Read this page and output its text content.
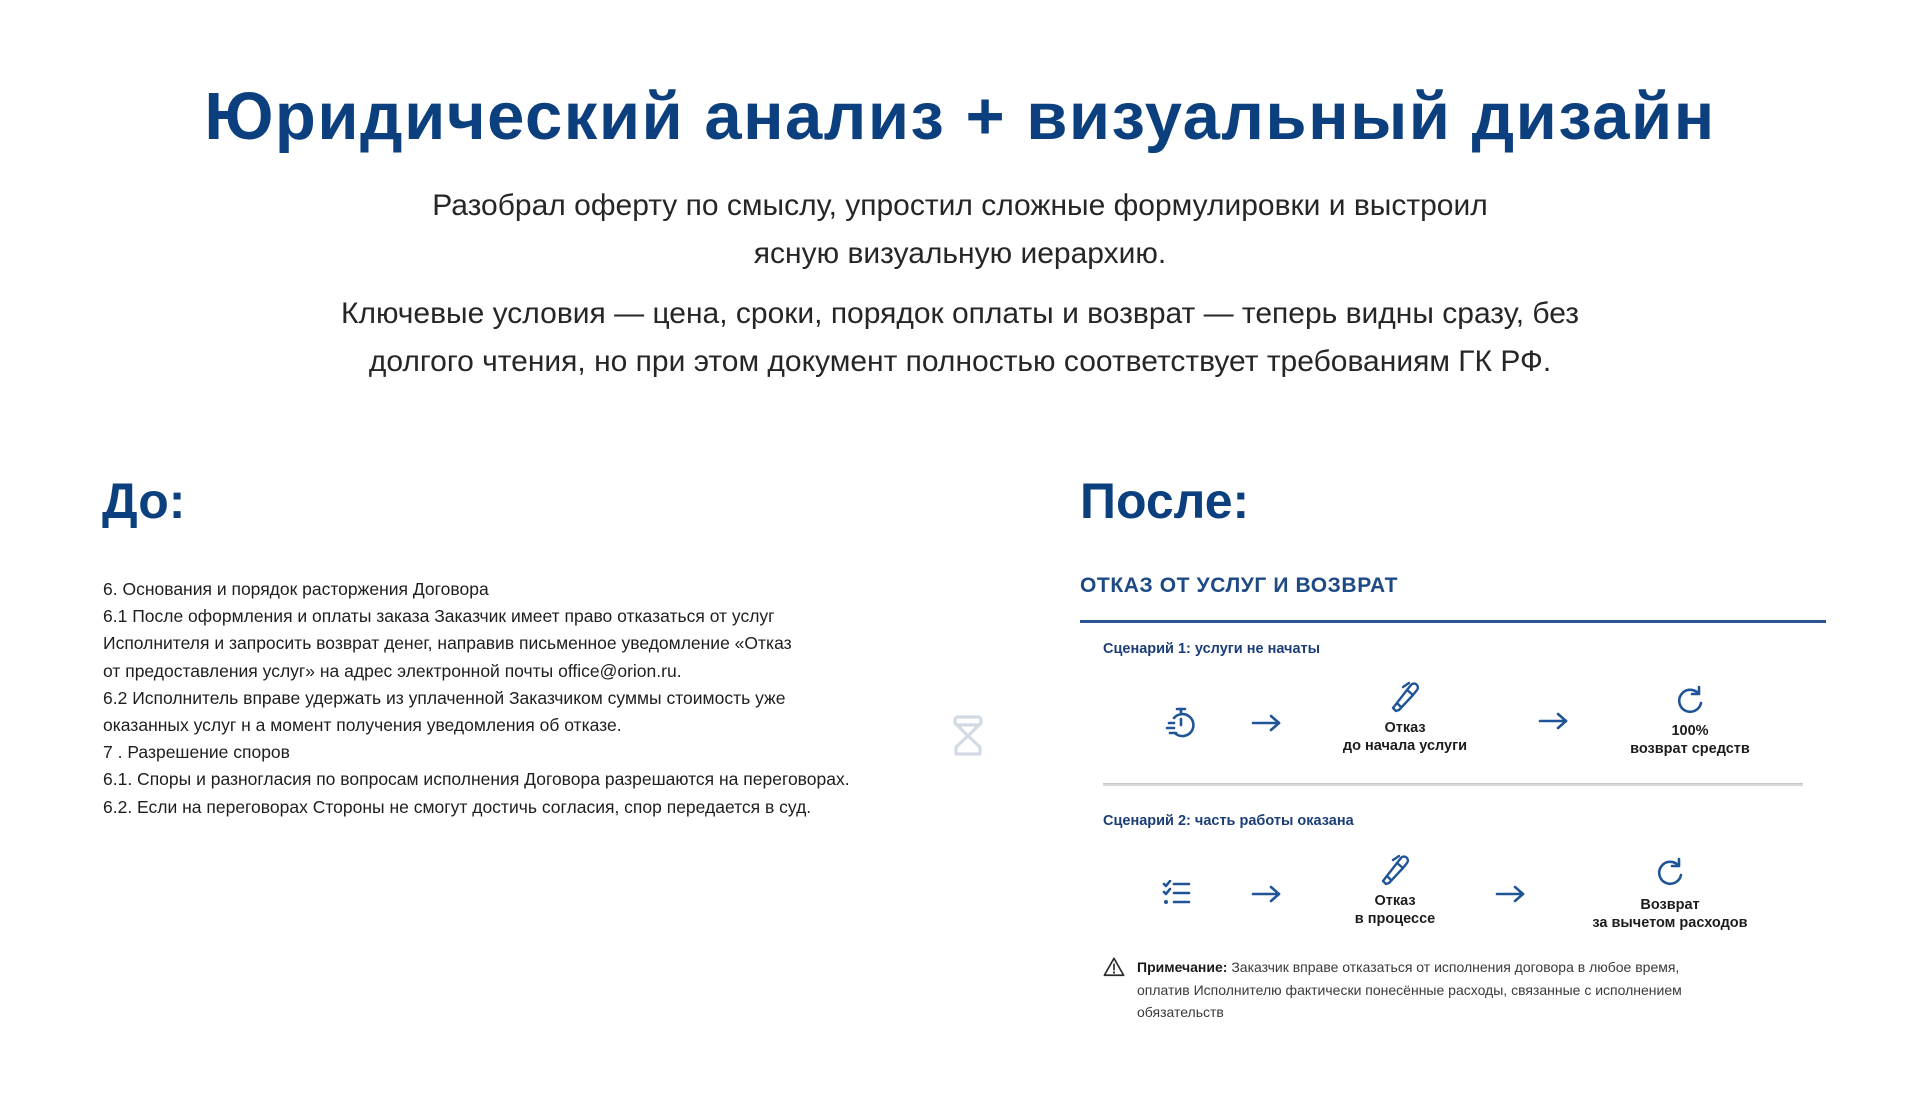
Юридический анализ + визуальный дизайн
Разобрал оферту по смыслу, упростил сложные формулировки и выстроил
ясную визуальную иерархию.
Ключевые условия — цена, сроки, порядок оплаты и возврат — теперь видны сразу, без
долгого чтения, но при этом документ полностью соответствует требованиям ГК РФ.
До:
6. Основания и порядок расторжения Договора
6.1 После оформления и оплаты заказа Заказчик имеет право отказаться от услуг
Исполнителя и запросить возврат денег, направив письменное уведомление «Отказ
от предоставления услуг» на адрес электронной почты office@orion.ru.
6.2 Исполнитель вправе удержать из уплаченной Заказчиком суммы стоимость уже
оказанных услуг н а момент получения уведомления об отказе.
7 . Разрешение споров
6.1. Споры и разногласия по вопросам исполнения Договора разрешаются на переговорах.
6.2. Если на переговорах Стороны не смогут достичь согласия, спор передается в суд.
После:
ОТКАЗ ОТ УСЛУГ И ВОЗВРАТ
Сценарий 1: услуги не начаты
Отказ
до начала услуги
100%
возврат средств
Сценарий 2: часть работы оказана
Отказ
в процессе
Возврат
за вычетом расходов
Примечание: Заказчик вправе отказаться от исполнения договора в любое время,
оплатив Исполнителю фактически понесённые расходы, связанные с исполнением
обязательств
